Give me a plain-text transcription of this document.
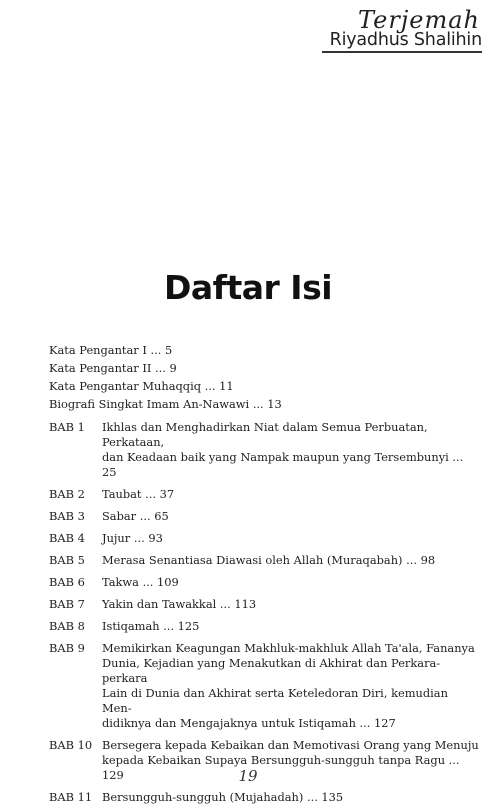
Terjemah
Riyadhus Shalihin
Daftar Isi
Kata Pengantar I ... 5
Kata Pengantar II ... 9
Kata Pengantar Muhaqqiq ... 11
Biografi Singkat Imam An-Nawawi ... 13
BAB 1	Ikhlas dan Menghadirkan Niat dalam Semua Perbuatan, Perkataan,
dan Keadaan baik yang Nampak maupun yang Tersembunyi ... 25
BAB 2	Taubat ... 37
BAB 3	Sabar ... 65
BAB 4	Jujur ... 93
BAB 5	Merasa Senantiasa Diawasi oleh Allah (Muraqabah) ... 98
BAB 6	Takwa ... 109
BAB 7	Yakin dan Tawakkal ... 113
BAB 8	Istiqamah ... 125
BAB 9	Memikirkan Keagungan Makhluk-makhluk Allah Ta'ala, Fananya
Dunia, Kejadian yang Menakutkan di Akhirat dan Perkara-perkara
Lain di Dunia dan Akhirat serta Keteledoran Diri, kemudian Men-
didiknya dan Mengajaknya untuk Istiqamah ... 127
BAB 10 Bersegera kepada Kebaikan dan Memotivasi Orang yang Menuju
kepada Kebaikan Supaya Bersungguh-sungguh tanpa Ragu ... 129
BAB 11 Bersungguh-sungguh (Mujahadah) ... 135
19
